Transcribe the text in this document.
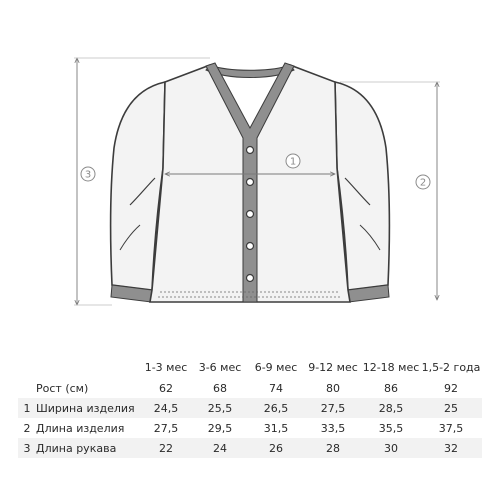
1
2
3
	1-3 мес	3-6 мес	6-9 мес	9-12 мес	12-18 мес	1,5-2 года
Рост (см)	62	68	74	80	86	92
1 Ширина изделия	24,5	25,5	26,5	27,5	28,5	25
2 Длина изделия	27,5	29,5	31,5	33,5	35,5	37,5
3 Длина рукава	22	24	26	28	30	32
